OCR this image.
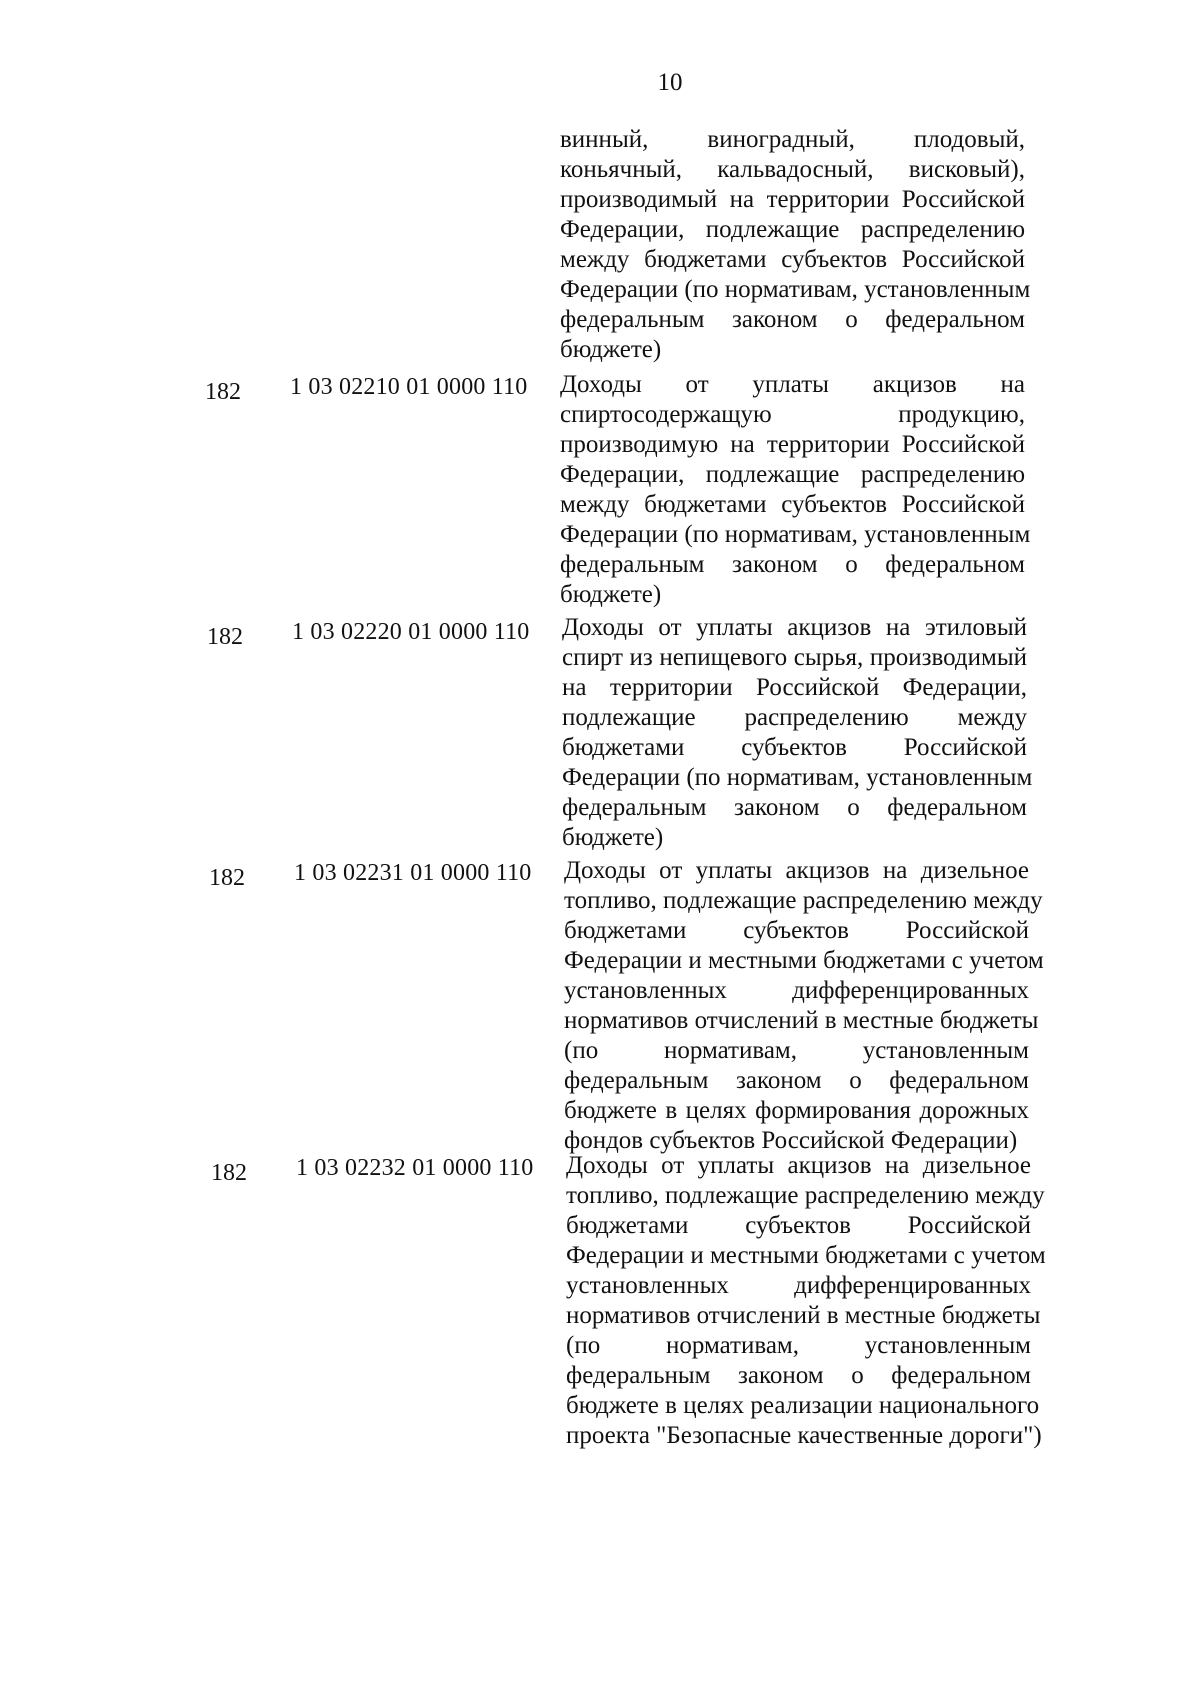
10
винный, виноградный, плодовый,
коньячный, кальвадосный, висковый),
производимый на территории Российской
Федерации, подлежащие распределению
между бюджетами субъектов Российской
Федерации (по нормативам, установленным
федеральным законом о федеральном
бюджете)
182 1 03 02210 01 0000 110 Доходы от уплаты акцизов на
спиртосодержащую продукцию,
производимую на территории Российской
Федерации, подлежащие распределению
между бюджетами субъектов Российской
Федерации (по нормативам, установленным
федеральным законом о федеральном
бюджете)
182 1 03 02220 01 0000 110 Доходы от уплаты акцизов на этиловый
спирт из непищевого сырья, производимый
на территории Российской Федерации,
подлежащие распределению между
бюджетами субъектов Российской
Федерации (по нормативам, установленным
федеральным законом о федеральном
бюджете)
182 1 03 02231 01 0000 110 Доходы от уплаты акцизов на дизельное
топливо, подлежащие распределению между
бюджетами субъектов Российской
Федерации и местными бюджетами с учетом
установленных дифференцированных
нормативов отчислений в местные бюджеты
(по нормативам, установленным
федеральным законом о федеральном
бюджете в целях формирования дорожных
фондов субъектов Российской Федерации)
182 1 03 02232 01 0000 110 Доходы от уплаты акцизов на дизельное
топливо, подлежащие распределению между
бюджетами субъектов Российской
Федерации и местными бюджетами с учетом
установленных дифференцированных
нормативов отчислений в местные бюджеты
(по нормативам, установленным
федеральным законом о федеральном
бюджете в целях реализации национального
проекта "Безопасные качественные дороги")
